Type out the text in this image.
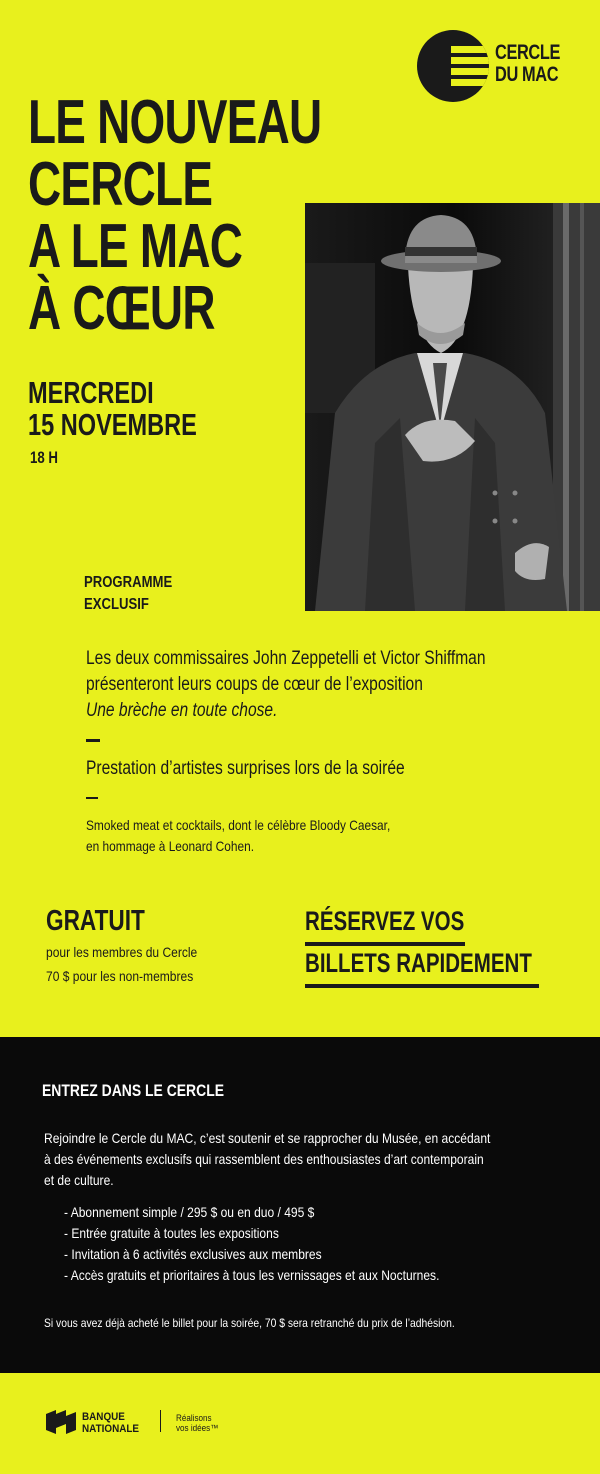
CERCLE
DU MAC
LE NOUVEAU
CERCLE
A LE MAC
À CŒUR
MERCREDI
15 NOVEMBRE
18 H
PROGRAMME
EXCLUSIF
Les deux commissaires John Zeppetelli et Victor Shiffman
présenteront leurs coups de cœur de l’exposition
Une brèche en toute chose.
Prestation d’artistes surprises lors de la soirée
Smoked meat et cocktails, dont le célèbre Bloody Caesar,
en hommage à Leonard Cohen.
GRATUIT
pour les membres du Cercle
70 $ pour les non-membres
RÉSERVEZ VOS
BILLETS RAPIDEMENT
ENTREZ DANS LE CERCLE
Rejoindre le Cercle du MAC, c’est soutenir et se rapprocher du Musée, en accédant
à des événements exclusifs qui rassemblent des enthousiastes d’art contemporain
et de culture.
- Abonnement simple / 295 $ ou en duo / 495 $
- Entrée gratuite à toutes les expositions
- Invitation à 6 activités exclusives aux membres
- Accès gratuits et prioritaires à tous les vernissages et aux Nocturnes.
Si vous avez déjà acheté le billet pour la soirée, 70 $ sera retranché du prix de l’adhésion.
BANQUE
NATIONALE
Réalisons
vos idées™
